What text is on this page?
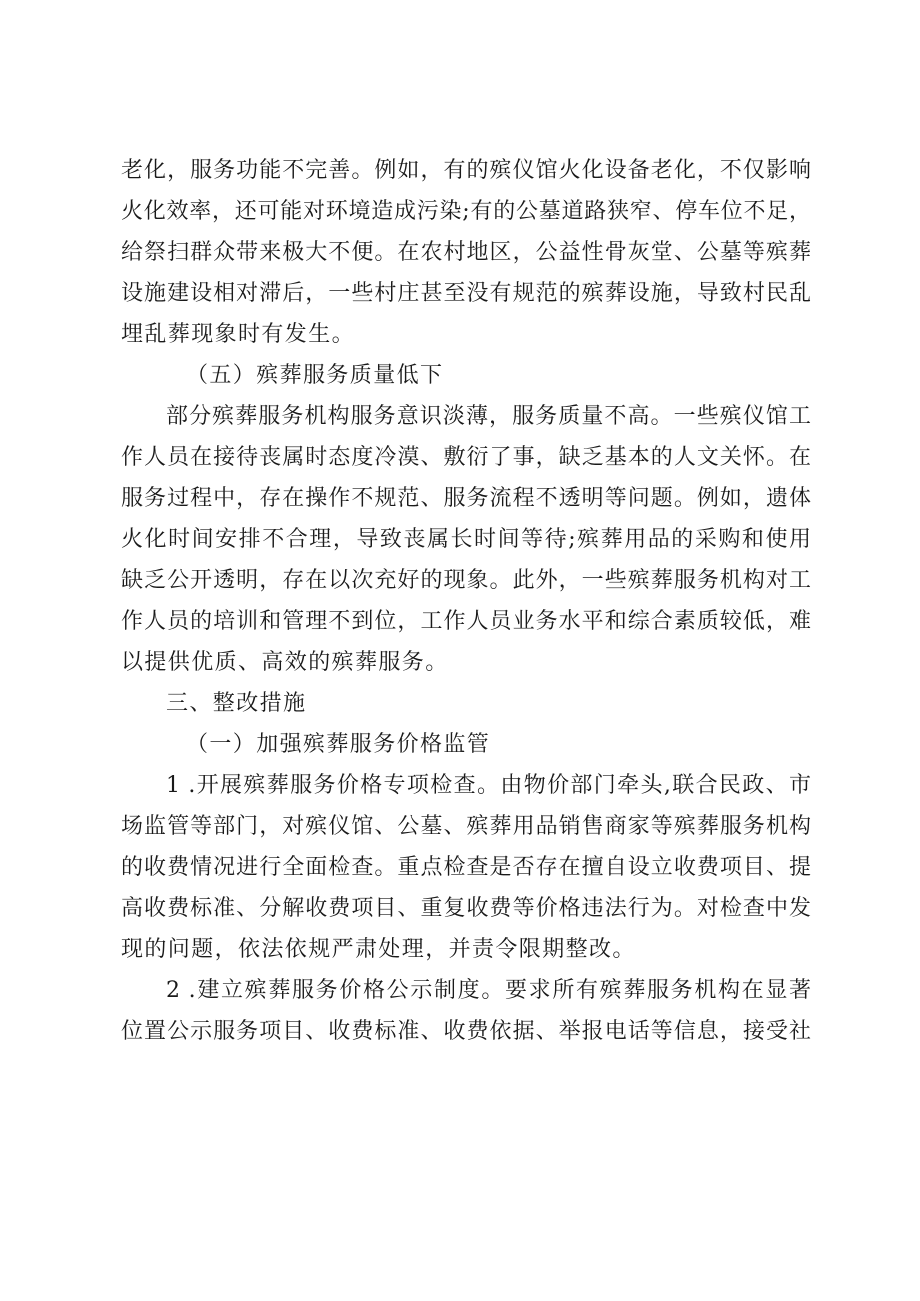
老化，服务功能不完善。例如，有的殡仪馆火化设备老化，不仅影响
火化效率，还可能对环境造成污染;有的公墓道路狭窄、停车位不足，
给祭扫群众带来极大不便。在农村地区，公益性骨灰堂、公墓等殡葬
设施建设相对滞后，一些村庄甚至没有规范的殡葬设施，导致村民乱
埋乱葬现象时有发生。
（五）殡葬服务质量低下
部分殡葬服务机构服务意识淡薄，服务质量不高。一些殡仪馆工
作人员在接待丧属时态度冷漠、敷衍了事，缺乏基本的人文关怀。在
服务过程中，存在操作不规范、服务流程不透明等问题。例如，遗体
火化时间安排不合理，导致丧属长时间等待;殡葬用品的采购和使用
缺乏公开透明，存在以次充好的现象。此外，一些殡葬服务机构对工
作人员的培训和管理不到位，工作人员业务水平和综合素质较低，难
以提供优质、高效的殡葬服务。
三、整改措施
（一）加强殡葬服务价格监管
1 .开展殡葬服务价格专项检查。由物价部门牵头,联合民政、市
场监管等部门，对殡仪馆、公墓、殡葬用品销售商家等殡葬服务机构
的收费情况进行全面检查。重点检查是否存在擅自设立收费项目、提
高收费标准、分解收费项目、重复收费等价格违法行为。对检查中发
现的问题，依法依规严肃处理，并责令限期整改。
2 .建立殡葬服务价格公示制度。要求所有殡葬服务机构在显著
位置公示服务项目、收费标准、收费依据、举报电话等信息，接受社
